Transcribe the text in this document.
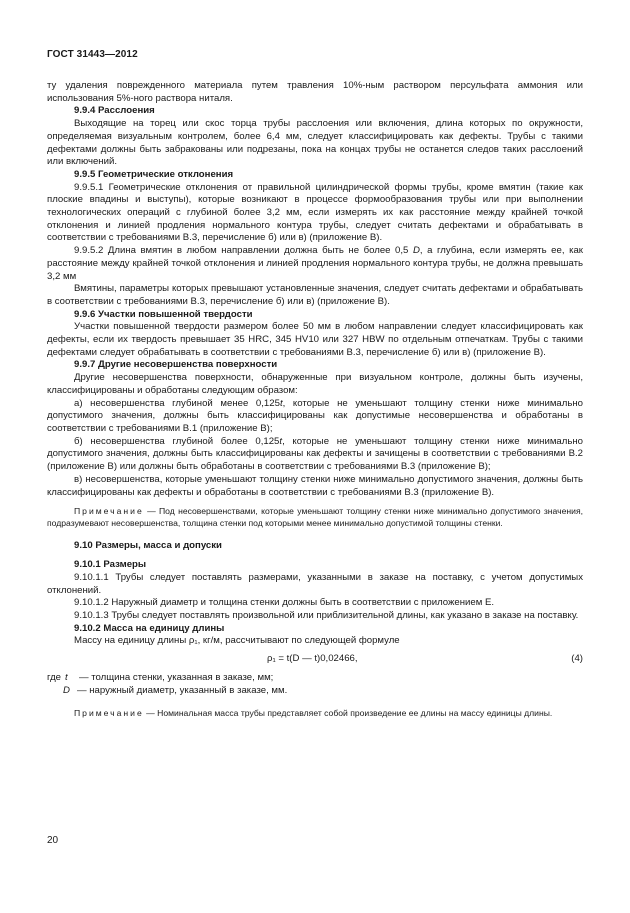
ГОСТ 31443—2012

ту удаления поврежденного материала путем травления 10%-ным раствором персульфата аммония или использования 5%-ного раствора ниталя.

9.9.4 Расслоения

Выходящие на торец или скос торца трубы расслоения или включения, длина которых по окружности, определяемая визуальным контролем, более 6,4 мм, следует классифицировать как дефекты. Трубы с такими дефектами должны быть забракованы или подрезаны, пока на концах трубы не останется следов таких расслоений или включений.

9.9.5 Геометрические отклонения

9.9.5.1 Геометрические отклонения от правильной цилиндрической формы трубы, кроме вмятин (такие как плоские впадины и выступы), которые возникают в процессе формообразования трубы или при выполнении технологических операций с глубиной более 3,2 мм, если измерять их как расстояние между крайней точкой отклонения и линией продления нормального контура трубы, следует считать дефектами и обрабатывать в соответствии с требованиями В.3, перечисление б) или в) (приложение В).

9.9.5.2 Длина вмятин в любом направлении должна быть не более 0,5 D, а глубина, если измерять ее, как расстояние между крайней точкой отклонения и линией продления нормального контура трубы, не должна превышать 3,2 мм

Вмятины, параметры которых превышают установленные значения, следует считать дефектами и обрабатывать в соответствии с требованиями В.3, перечисление б) или в) (приложение В).

9.9.6 Участки повышенной твердости

Участки повышенной твердости размером более 50 мм в любом направлении следует классифицировать как дефекты, если их твердость превышает 35 HRC, 345 HV10 или 327 HBW по отдельным отпечаткам. Трубы с такими дефектами следует обрабатывать в соответствии с требованиями В.3, перечисление б) или в) (приложение В).

9.9.7 Другие несовершенства поверхности

Другие несовершенства поверхности, обнаруженные при визуальном контроле, должны быть изучены, классифицированы и обработаны следующим образом:

а) несовершенства глубиной менее 0,125t, которые не уменьшают толщину стенки ниже минимально допустимого значения, должны быть классифицированы как допустимые несовершенства и обработаны в соответствии с требованиями В.1 (приложение В);

б) несовершенства глубиной более 0,125t, которые не уменьшают толщину стенки ниже минимально допустимого значения, должны быть классифицированы как дефекты и зачищены в соответствии с требованиями В.2 (приложение В) или должны быть обработаны в соответствии с требованиями В.3 (приложение В);

в) несовершенства, которые уменьшают толщину стенки ниже минимально допустимого значения, должны быть классифицированы как дефекты и обработаны в соответствии с требованиями В.3 (приложение В).

Примечание — Под несовершенствами, которые уменьшают толщину стенки ниже минимально допустимого значения, подразумевают несовершенства, толщина стенки под которыми менее минимально допустимой толщины стенки.

9.10 Размеры, масса и допуски

9.10.1 Размеры

9.10.1.1 Трубы следует поставлять размерами, указанными в заказе на поставку, с учетом допустимых отклонений.

9.10.1.2 Наружный диаметр и толщина стенки должны быть в соответствии с приложением Е.

9.10.1.3 Трубы следует поставлять произвольной или приблизительной длины, как указано в заказе на поставку.

9.10.2 Масса на единицу длины

Массу на единицу длины ρ₁, кг/м, рассчитывают по следующей формуле

ρ₁ = t(D — t)0,02466,	(4)
где t	— толщина стенки, указанная в заказе, мм;
D — наружный диаметр, указанный в заказе, мм.

Примечание — Номинальная масса трубы представляет собой произведение ее длины на массу единицы длины.

20
